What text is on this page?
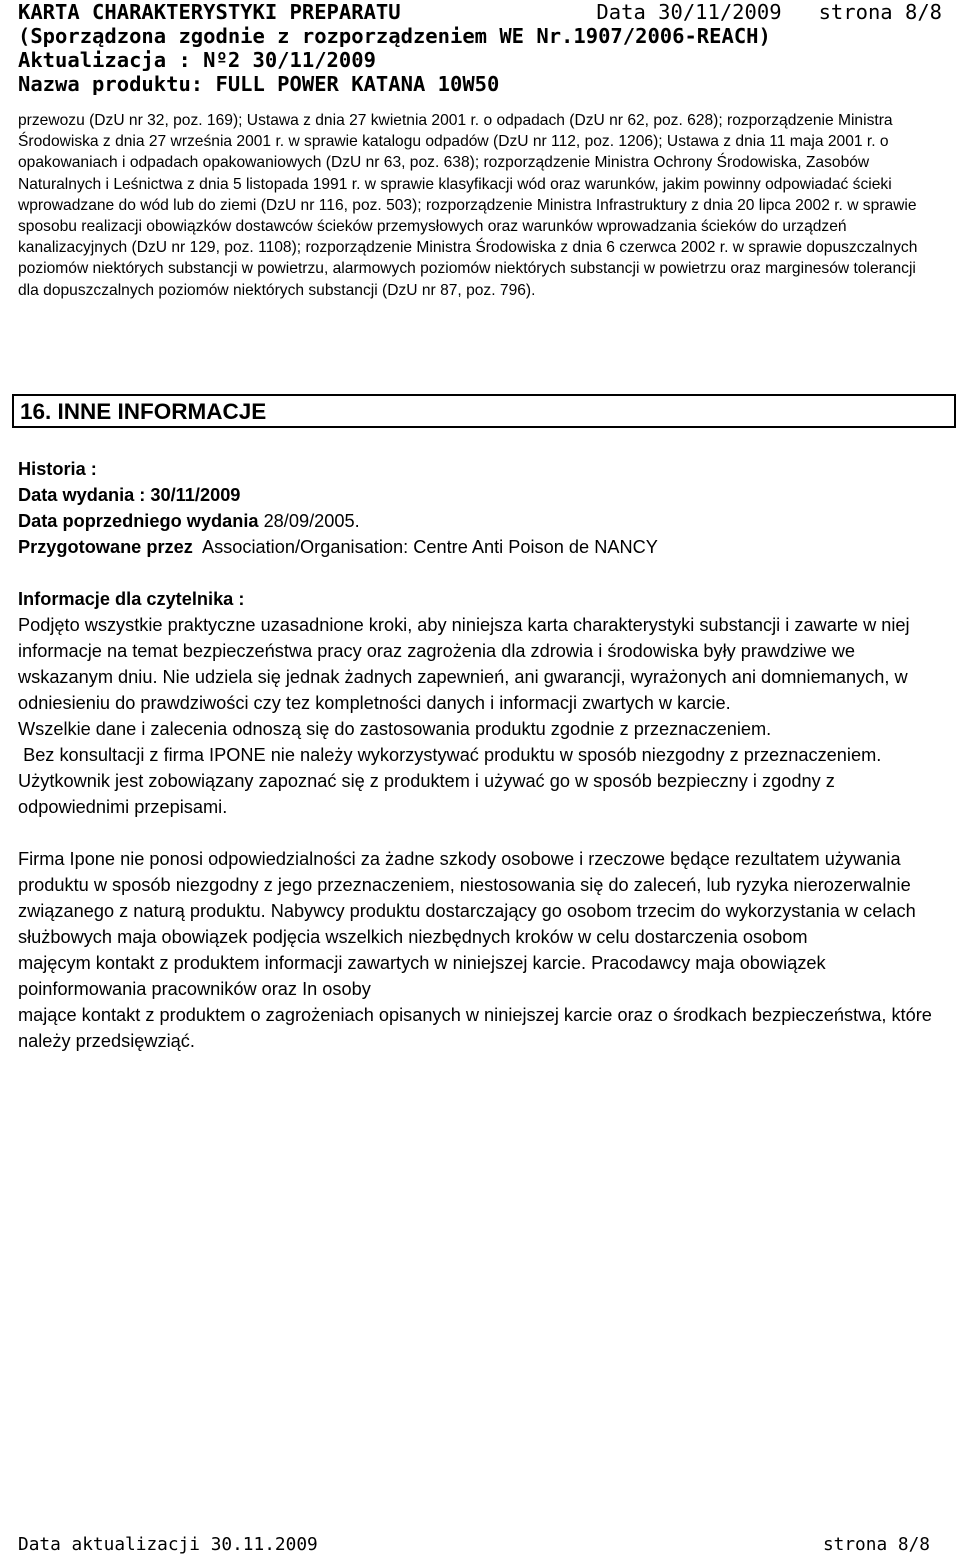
KARTA CHARAKTERYSTYKI PREPARATU	Data 30/11/2009   strona 8/8
(Sporządzona zgodnie z rozporządzeniem WE Nr.1907/2006-REACH)
Aktualizacja : Nº2 30/11/2009
Nazwa produktu: FULL POWER KATANA 10W50

przewozu (DzU nr 32, poz. 169); Ustawa z dnia 27 kwietnia 2001 r. o odpadach (DzU nr 62, poz. 628); rozporządzenie Ministra Środowiska z dnia 27 września 2001 r. w sprawie katalogu odpadów (DzU nr 112, poz. 1206); Ustawa z dnia 11 maja 2001 r. o opakowaniach i odpadach opakowaniowych (DzU nr 63, poz. 638); rozporządzenie Ministra Ochrony Środowiska, Zasobów Naturalnych i Leśnictwa z dnia 5 listopada 1991 r. w sprawie klasyfikacji wód oraz warunków, jakim powinny odpowiadać ścieki wprowadzane do wód lub do ziemi (DzU nr 116, poz. 503); rozporządzenie Ministra Infrastruktury z dnia 20 lipca 2002 r. w sprawie sposobu realizacji obowiązków dostawców ścieków przemysłowych oraz warunków wprowadzania ścieków do urządzeń kanalizacyjnych (DzU nr 129, poz. 1108); rozporządzenie Ministra Środowiska z dnia 6 czerwca 2002 r. w sprawie dopuszczalnych poziomów niektórych substancji w powietrzu, alarmowych poziomów niektórych substancji w powietrzu oraz marginesów tolerancji dla dopuszczalnych poziomów niektórych substancji (DzU nr 87, poz. 796).

16. INNE INFORMACJE
Historia :
Data wydania : 30/11/2009
Data poprzedniego wydania 28/09/2005.
Przygotowane przez  Association/Organisation: Centre Anti Poison de NANCY
Informacje dla czytelnika :

Podjęto wszystkie praktyczne uzasadnione kroki, aby niniejsza karta charakterystyki substancji i zawarte w niej informacje na temat bezpieczeństwa pracy oraz zagrożenia dla zdrowia i środowiska były prawdziwe we wskazanym dniu. Nie udziela się jednak żadnych zapewnień, ani gwarancji, wyrażonych ani domniemanych, w odniesieniu do prawdziwości czy tez kompletności danych i informacji zwartych w karcie.

Wszelkie dane i zalecenia odnoszą się do zastosowania produktu zgodnie z przeznaczeniem.

Bez konsultacji z firma IPONE nie należy wykorzystywać produktu w sposób niezgodny z przeznaczeniem.

Użytkownik jest zobowiązany zapoznać się z produktem i używać go w sposób bezpieczny i zgodny z odpowiednimi przepisami.

Firma Ipone nie ponosi odpowiedzialności za żadne szkody osobowe i rzeczowe będące rezultatem używania produktu w sposób niezgodny z jego przeznaczeniem, niestosowania się do zaleceń, lub ryzyka nierozerwalnie związanego z naturą produktu. Nabywcy produktu dostarczający go osobom trzecim do wykorzystania w celach służbowych maja obowiązek podjęcia wszelkich niezbędnych kroków w celu dostarczenia osobom

majęcym kontakt z produktem informacji zawartych w niniejszej karcie. Pracodawcy maja obowiązek poinformowania pracowników oraz In osoby

mające kontakt z produktem o zagrożeniach opisanych w niniejszej karcie oraz o środkach bezpieczeństwa, które należy przedsięwziąć.

Data aktualizacji 30.11.2009	strona 8/8
